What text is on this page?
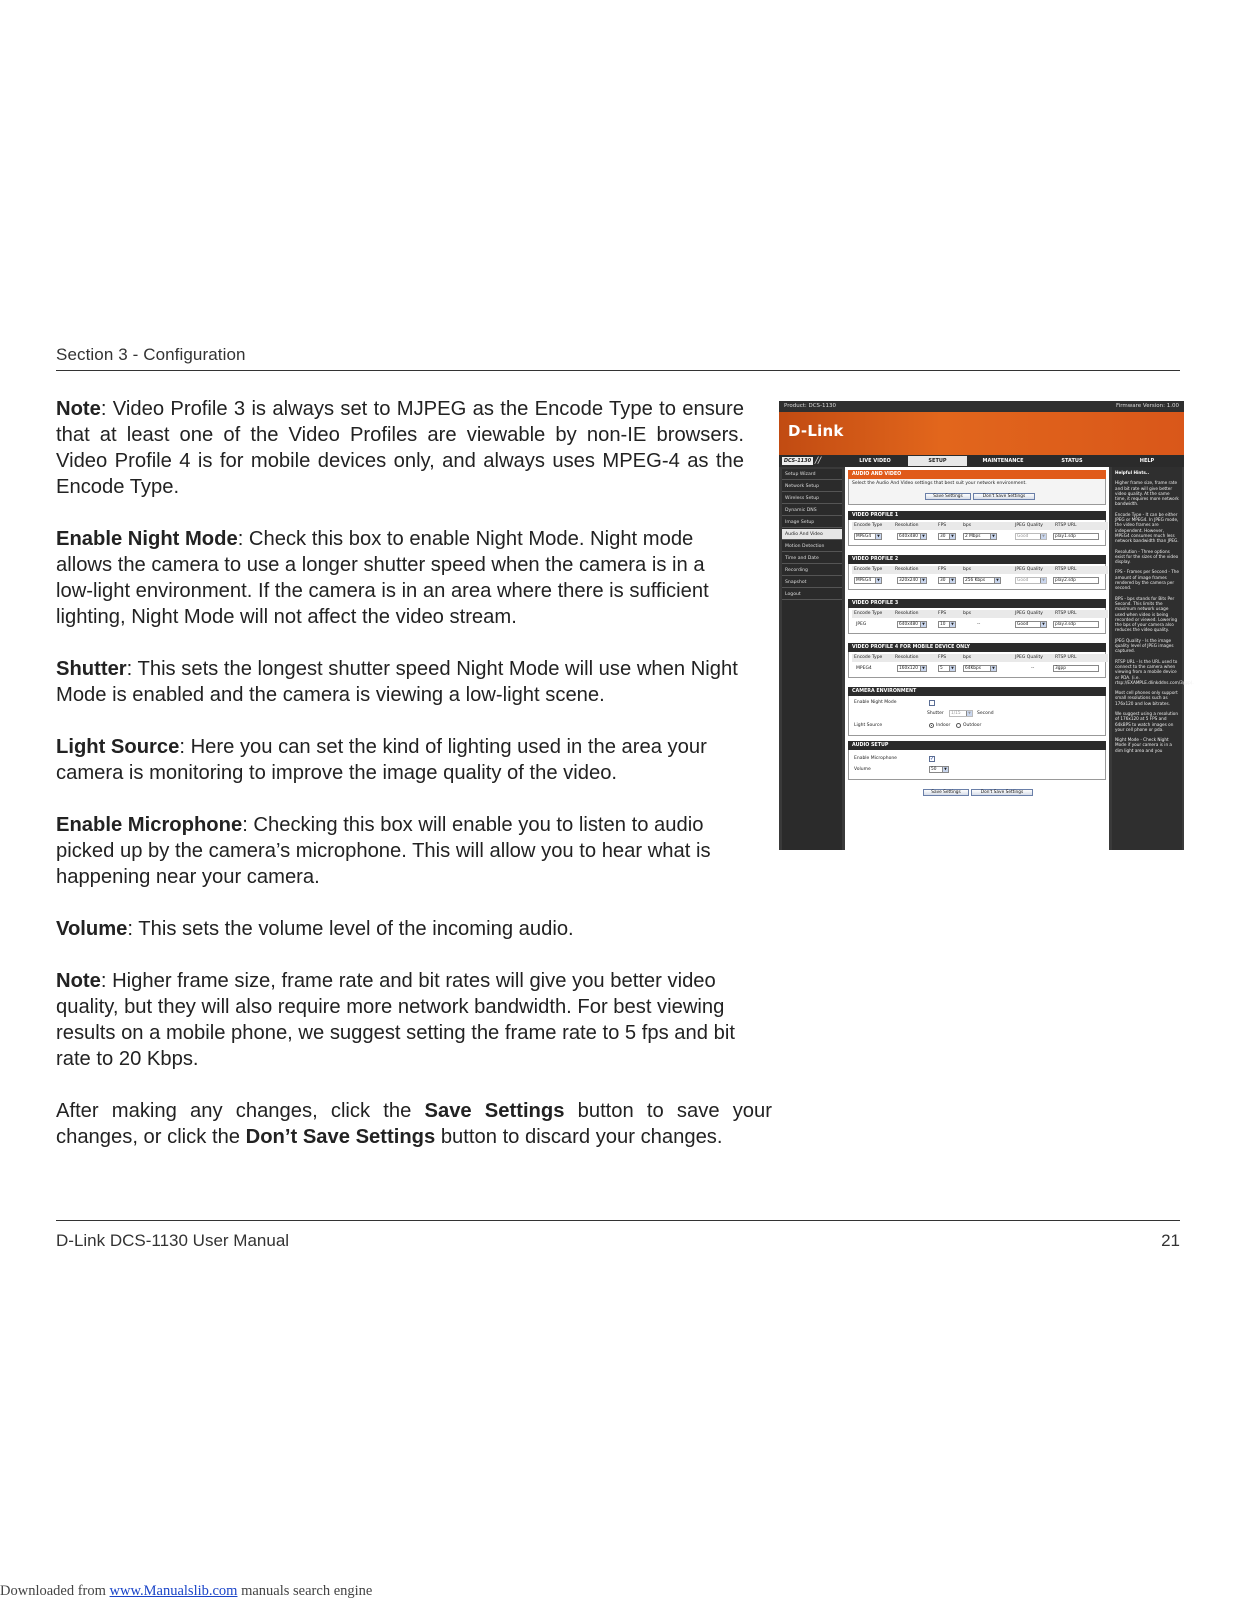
Section 3 - Configuration

Note: Video Profile 3 is always set to MJPEG as the Encode Type to ensure that at least one of the Video Profiles are viewable by non-IE browsers. Video Profile 4 is for mobile devices only, and always uses MPEG-4 as the Encode Type.

Enable Night Mode: Check this box to enable Night Mode. Night mode allows the camera to use a longer shutter speed when the camera is in a low-light environment. If the camera is in an area where there is sufficient lighting, Night Mode will not affect the video stream.

Shutter: This sets the longest shutter speed Night Mode will use when Night Mode is enabled and the camera is viewing a low-light scene.

Light Source: Here you can set the kind of lighting used in the area your camera is monitoring to improve the image quality of the video.

Enable Microphone: Checking this box will enable you to listen to audio picked up by the camera’s microphone. This will allow you to hear what is happening near your camera.

Volume: This sets the volume level of the incoming audio.

Note: Higher frame size, frame rate and bit rates will give you better video quality, but they will also require more network bandwidth. For best viewing results on a mobile phone, we suggest setting the frame rate to 5 fps and bit rate to 20 Kbps.

After making any changes, click the Save Settings button to save your changes, or click the Don’t Save Settings button to discard your changes.

Product: DCS-1130	Firmware Version: 1.00
D-Link
DCS-1130 //	LIVE VIDEO	SETUP	MAINTENANCE	STATUS	HELP
Setup Wizard
Network Setup
Wireless Setup
Dynamic DNS
Image Setup
Audio And Video
Motion Detection
Time and Date
Recording
Snapshot
Logout
AUDIO AND VIDEO
Select the Audio And Video settings that best suit your network environment.
Save Settings	Don't Save Settings
VIDEO PROFILE 1
Encode Type	Resolution	FPS	bps	JPEG Quality	RTSP URL
MPEG4	▼	640x480	▼	30	▼	2 Mbps	▼	Good	▼	play1.sdp
VIDEO PROFILE 2
Encode Type	Resolution	FPS	bps	JPEG Quality	RTSP URL
MPEG4	▼	320x240	▼	30	▼	256 Kbps	▼	Good	▼	play2.sdp
VIDEO PROFILE 3
Encode Type	Resolution	FPS	bps	JPEG Quality	RTSP URL
JPEG	640x480	▼	10	▼	--	Good	▼	play3.sdp
VIDEO PROFILE 4 FOR MOBILE DEVICE ONLY
Encode Type	Resolution	FPS	bps	JPEG Quality	RTSP URL
MPEG4	160x120	▼	5	▼	64Kbps	▼	--	3gpp
CAMERA ENVIRONMENT
Enable Night Mode
Shutter	1/15	▼ Second
Light Source	Indoor	Outdoor
AUDIO SETUP
Enable Microphone	✓
Volume	50	▼
Save Settings	Don't Save Settings
Helpful Hints..
Higher frame size, frame rate and bit rate will give better video quality. At the same time, it requires more network bandwidth.
Encode Type - It can be either JPEG or MPEG4. In JPEG mode, the video frames are independent. However, MPEG4 consumes much less network bandwidth than JPEG.
Resolution - Three options exist for the sizes of the video display.
FPS - Frames per Second - The amount of image frames rendered by the camera per second.
BPS - bps stands for Bits Per Second. This limits the maximum network usage used when video is being recorded or viewed. Lowering the bps of your camera also reduces the video quality.
JPEG Quality - Is the image quality level of JPEG images captured.
RTSP URL - Is the URL used to connect to the camera when viewing from a mobile device or PDA. (i.e. rtsp://EXAMPLE.dlinkddns.com/3gpp).
Most cell phones only support small resolutions such as 176x120 and low bitrates.
We suggest using a resolution of 176x120 at 5 FPS and 64kBPS to watch images on your cell phone or pda.
Night Mode - Check Night Mode if your camera is in a dim light area and you
D-Link DCS-1130 User Manual	21
Downloaded from www.Manualslib.com manuals search engine
